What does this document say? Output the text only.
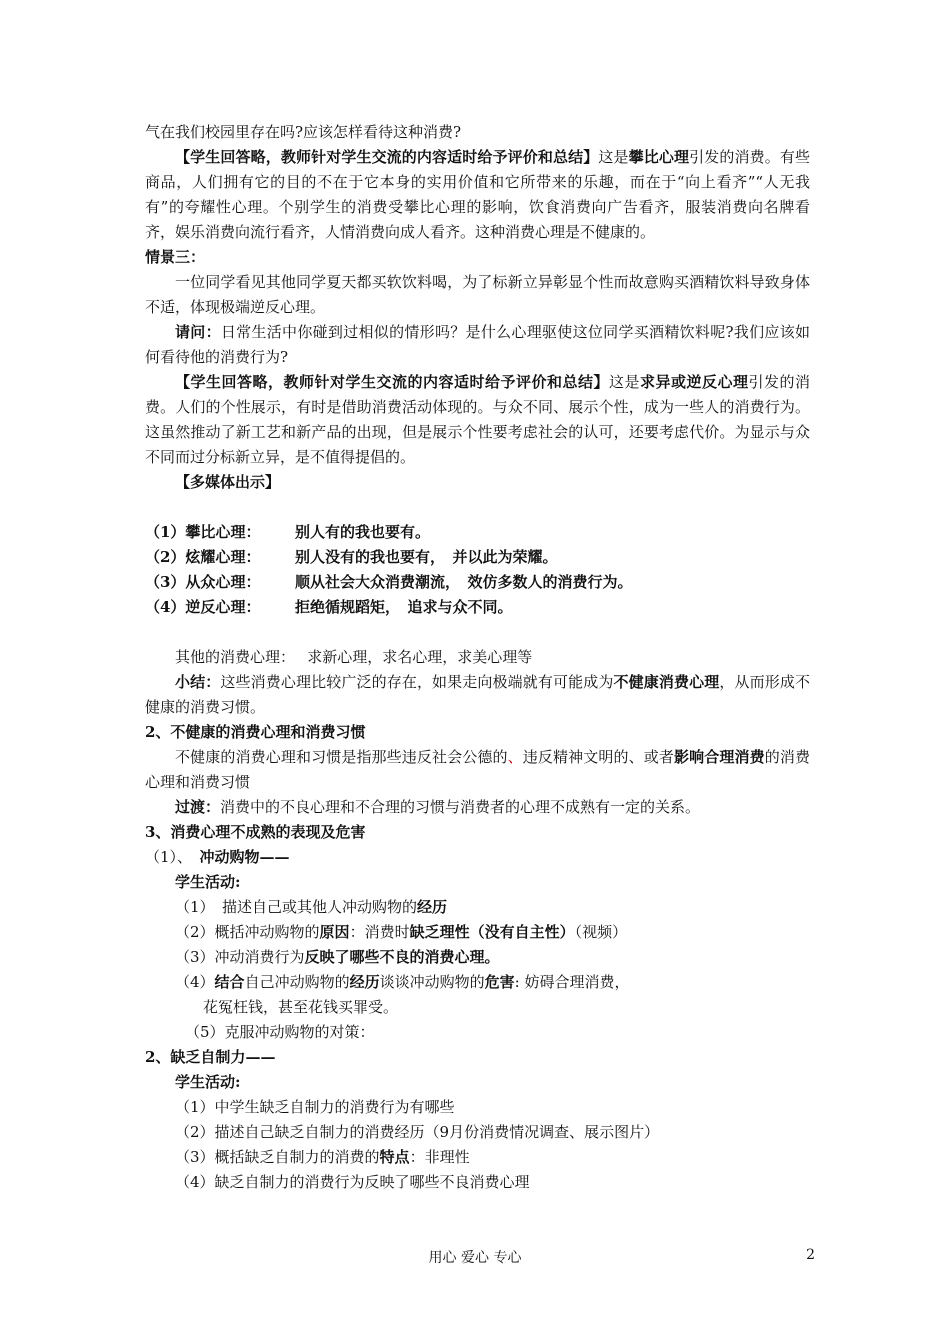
气在我们校园里存在吗?应该怎样看待这种消费?

【学生回答略，教师针对学生交流的内容适时给予评价和总结】这是攀比心理引发的消费。有些商品，人们拥有它的目的不在于它本身的实用价值和它所带来的乐趣，而在于“向上看齐”“人无我有”的夸耀性心理。个别学生的消费受攀比心理的影响，饮食消费向广告看齐，服装消费向名牌看齐，娱乐消费向流行看齐，人情消费向成人看齐。这种消费心理是不健康的。

情景三：

一位同学看见其他同学夏天都买软饮料喝，为了标新立异彰显个性而故意购买酒精饮料导致身体不适，体现极端逆反心理。

请问：日常生活中你碰到过相似的情形吗？是什么心理驱使这位同学买酒精饮料呢?我们应该如何看待他的消费行为?

【学生回答略，教师针对学生交流的内容适时给予评价和总结】这是求异或逆反心理引发的消费。人们的个性展示，有时是借助消费活动体现的。与众不同、展示个性，成为一些人的消费行为。这虽然推动了新工艺和新产品的出现，但是展示个性要考虑社会的认可，还要考虑代价。为显示与众不同而过分标新立异，是不值得提倡的。

【多媒体出示】

（1）攀比心理：	别人有的我也要有。
（2）炫耀心理：	别人没有的我也要有，　并以此为荣耀。
（3）从众心理：	顺从社会大众消费潮流，　效仿多数人的消费行为。
（4）逆反心理：	拒绝循规蹈矩，　追求与众不同。

其他的消费心理：　 求新心理，求名心理，求美心理等

小结：这些消费心理比较广泛的存在，如果走向极端就有可能成为不健康消费心理，从而形成不健康的消费习惯。

2、不健康的消费心理和消费习惯

不健康的消费心理和习惯是指那些违反社会公德的、违反精神文明的、或者影响合理消费的消费心理和消费习惯

过渡：消费中的不良心理和不合理的习惯与消费者的心理不成熟有一定的关系。

3、消费心理不成熟的表现及危害

（1）、　冲动购物——

学生活动:

（1）　描述自己或其他人冲动购物的经历

（2）概括冲动购物的原因：消费时缺乏理性（没有自主性）（视频）

（3）冲动消费行为反映了哪些不良的消费心理。

（4）结合自己冲动购物的经历谈谈冲动购物的危害: 妨碍合理消费，

花冤枉钱，甚至花钱买罪受。

（5）克服冲动购物的对策：

2、缺乏自制力——

学生活动:

（1）中学生缺乏自制力的消费行为有哪些

（2）描述自己缺乏自制力的消费经历（9月份消费情况调查、展示图片）

（3）概括缺乏自制力的消费的特点：非理性

（4）缺乏自制力的消费行为反映了哪些不良消费心理

用心 爱心 专心	2
